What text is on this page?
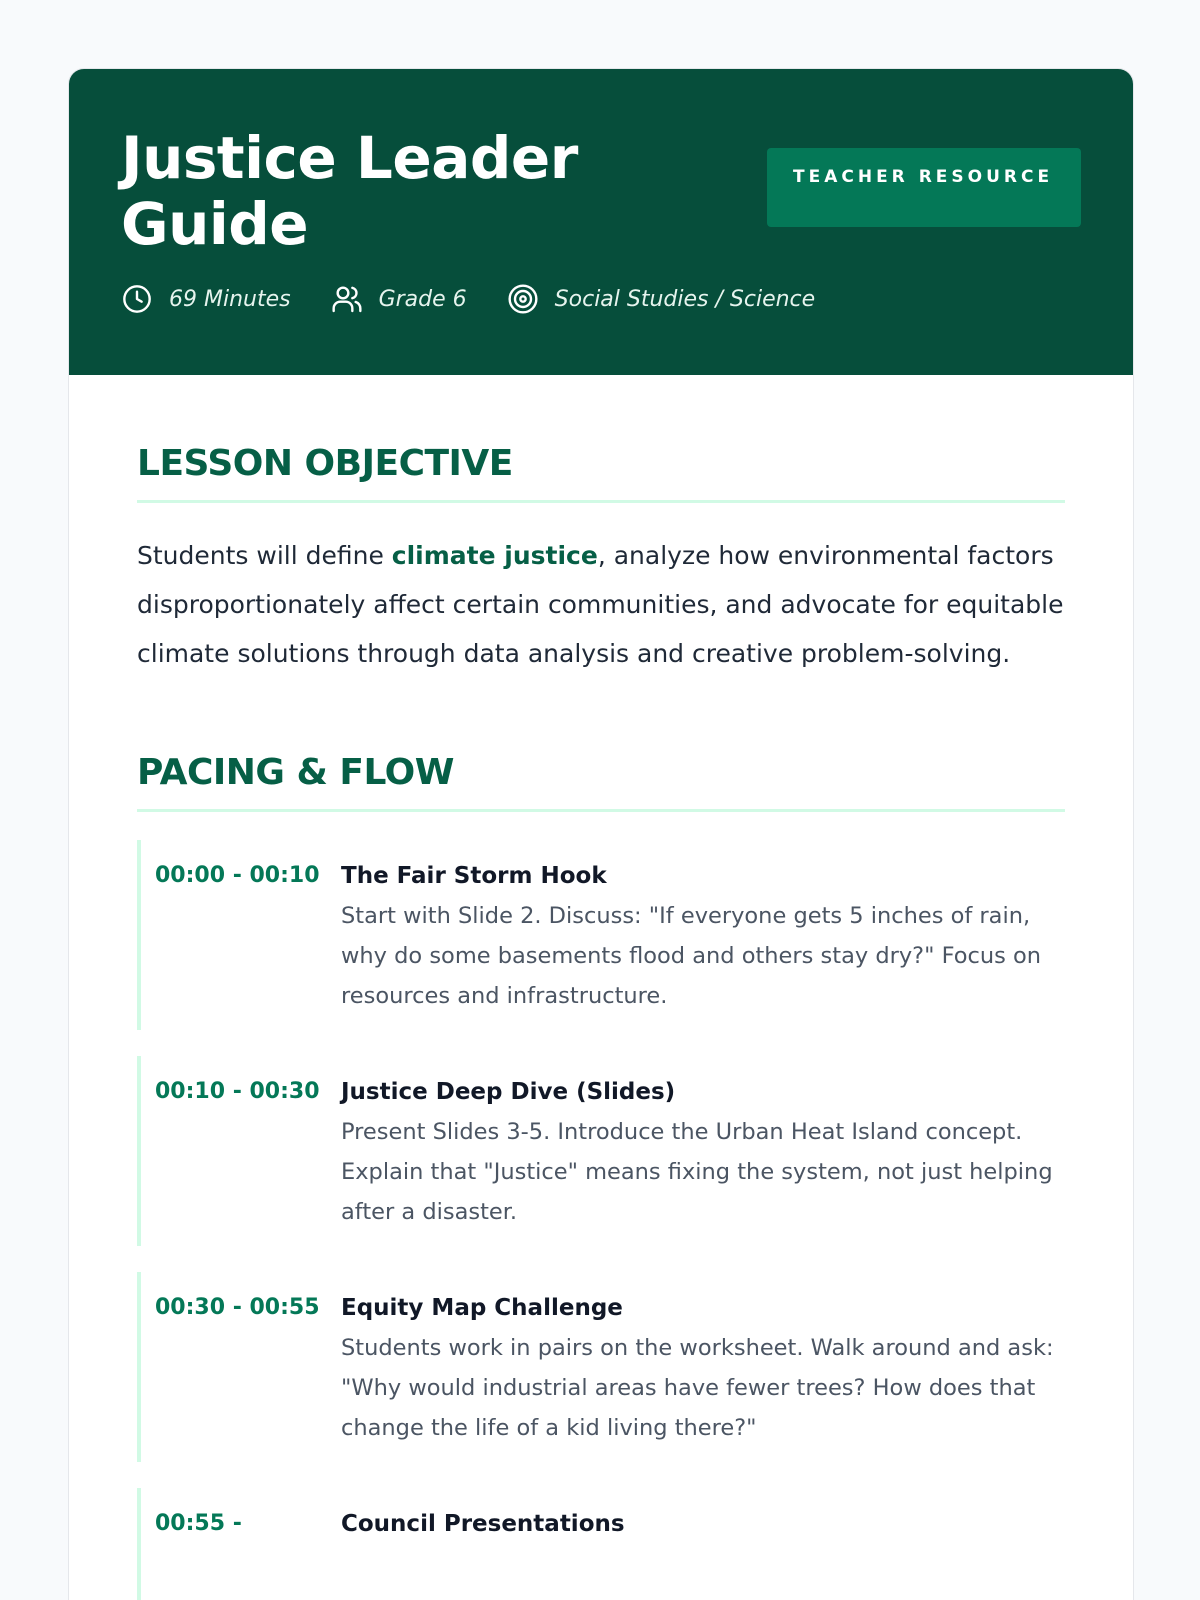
Justice Leader Guide
TEACHER RESOURCE
69 Minutes	Grade 6	Social Studies / Science
LESSON OBJECTIVE

Students will define climate justice, analyze how environmental factors disproportionately affect certain communities, and advocate for equitable climate solutions through data analysis and creative problem-solving.

PACING & FLOW
00:00 - 00:10 The Fair Storm Hook
Start with Slide 2. Discuss: "If everyone gets 5 inches of rain, why do some basements flood and others stay dry?" Focus on resources and infrastructure.
00:10 - 00:30 Justice Deep Dive (Slides)
Present Slides 3-5. Introduce the Urban Heat Island concept. Explain that "Justice" means fixing the system, not just helping after a disaster.
00:30 - 00:55 Equity Map Challenge
Students work in pairs on the worksheet. Walk around and ask: "Why would industrial areas have fewer trees? How does that change the life of a kid living there?"
00:55 -	Council Presentations
